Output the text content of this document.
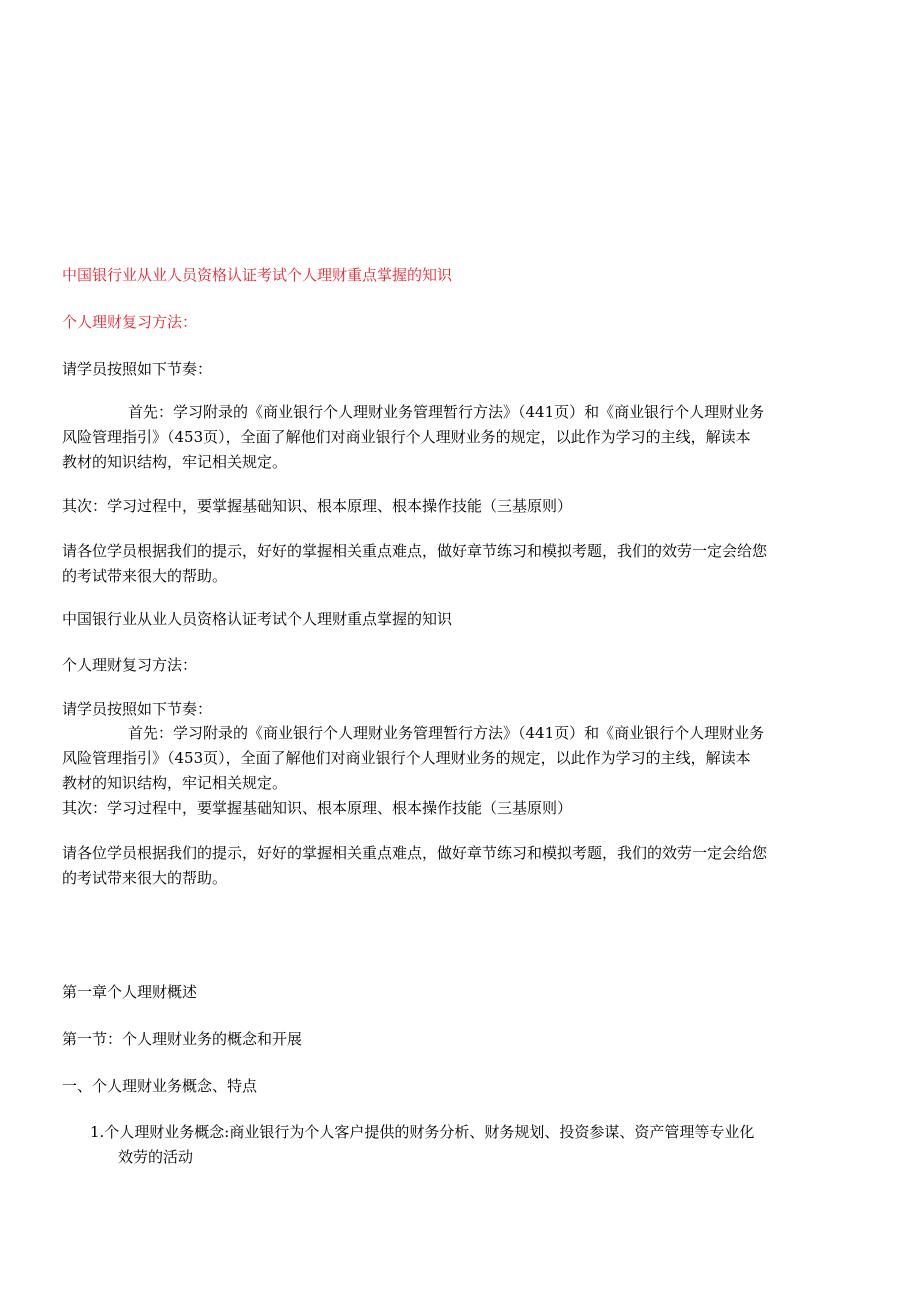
中国银行业从业人员资格认证考试个人理财重点掌握的知识
个人理财复习方法：
请学员按照如下节奏：
首先：学习附录的《商业银行个人理财业务管理暂行方法》（441页）和《商业银行个人理财业务
风险管理指引》（453页），全面了解他们对商业银行个人理财业务的规定，以此作为学习的主线，解读本
教材的知识结构，牢记相关规定。
其次：学习过程中，要掌握基础知识、根本原理、根本操作技能（三基原则）
请各位学员根据我们的提示，好好的掌握相关重点难点，做好章节练习和模拟考题，我们的效劳一定会给您
的考试带来很大的帮助。
中国银行业从业人员资格认证考试个人理财重点掌握的知识
个人理财复习方法：
请学员按照如下节奏：
首先：学习附录的《商业银行个人理财业务管理暂行方法》（441页）和《商业银行个人理财业务
风险管理指引》（453页），全面了解他们对商业银行个人理财业务的规定，以此作为学习的主线，解读本
教材的知识结构，牢记相关规定。
其次：学习过程中，要掌握基础知识、根本原理、根本操作技能（三基原则）
请各位学员根据我们的提示，好好的掌握相关重点难点，做好章节练习和模拟考题，我们的效劳一定会给您
的考试带来很大的帮助。
第一章个人理财概述
第一节：个人理财业务的概念和开展
一、个人理财业务概念、特点
1.个人理财业务概念:商业银行为个人客户提供的财务分析、财务规划、投资参谋、资产管理等专业化
效劳的活动
